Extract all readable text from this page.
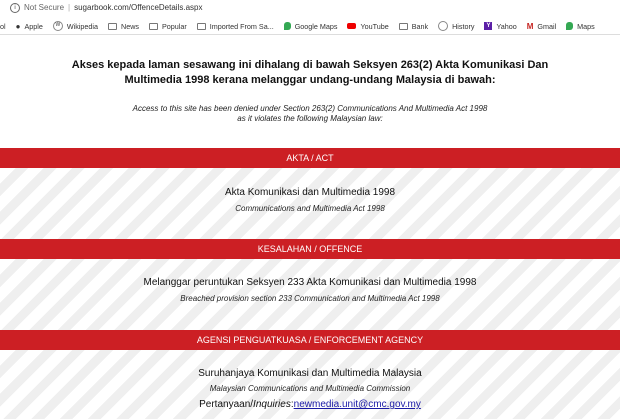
i	Not Secure | sugarbook.com/OffenceDetails.aspx
ol ● Apple	W Wikipedia	News	Popular	Imported From Sa...	Google Maps	YouTube	Bank	History	Y Yahoo M Gmail	Maps
Akses kepada laman sesawang ini dihalang di bawah Seksyen 263(2) Akta Komunikasi Dan
Multimedia 1998 kerana melanggar undang-undang Malaysia di bawah:
Access to this site has been denied under Section 263(2) Communications And Multimedia Act 1998
as it violates the following Malaysian law:
AKTA / ACT
Akta Komunikasi dan Multimedia 1998
Communications and Multimedia Act 1998
KESALAHAN / OFFENCE
Melanggar peruntukan Seksyen 233 Akta Komunikasi dan Multimedia 1998
Breached provision section 233 Communication and Multimedia Act 1998
AGENSI PENGUATKUASA / ENFORCEMENT AGENCY
Suruhanjaya Komunikasi dan Multimedia Malaysia
Malaysian Communications and Multimedia Commission
Pertanyaan/Inquiries:newmedia.unit@cmc.gov.my
